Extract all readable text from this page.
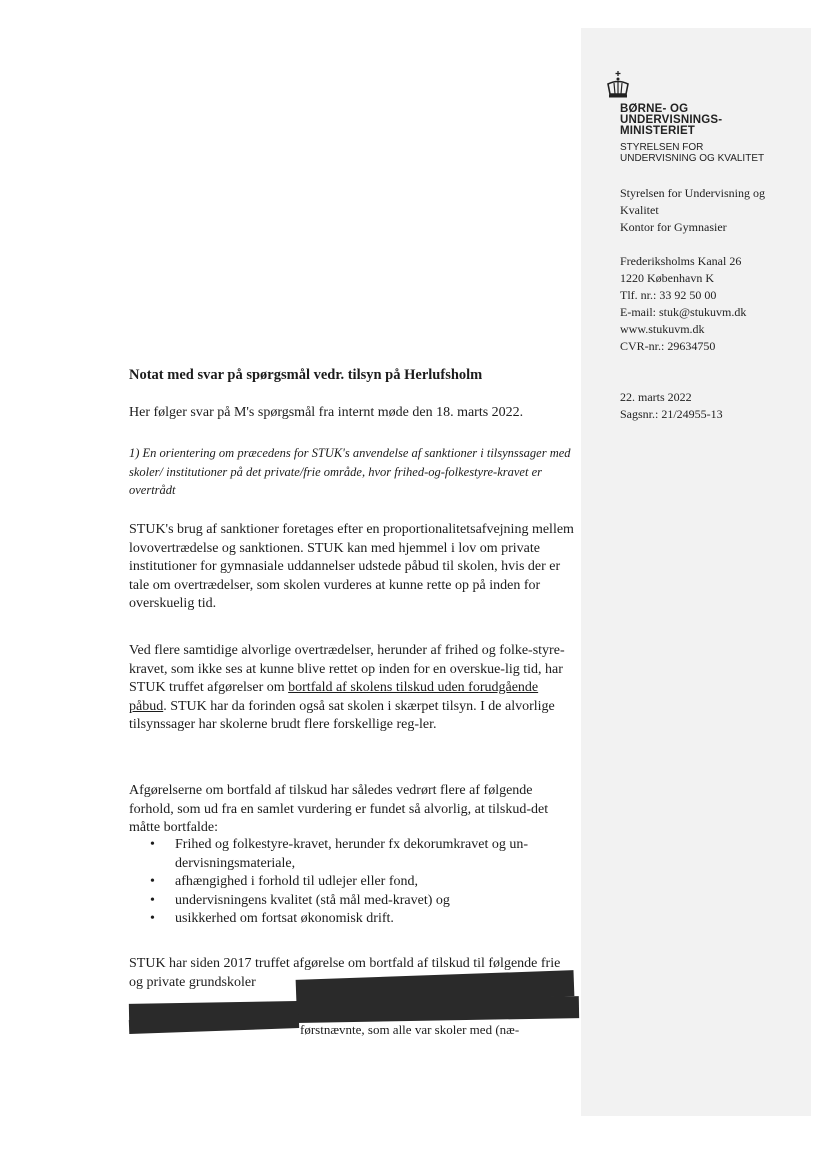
BØRNE- OG
UNDERVISNINGS-
MINISTERIET
STYRELSEN FOR
UNDERVISNING OG KVALITET
Styrelsen for Undervisning og
Kvalitet
Kontor for Gymnasier
Frederiksholms Kanal 26
1220 København K
Tlf. nr.: 33 92 50 00
E-mail: stuk@stukuvm.dk
www.stukuvm.dk
CVR-nr.: 29634750
22. marts 2022
Sagsnr.: 21/24955-13
Notat med svar på spørgsmål vedr. tilsyn på Herlufsholm
Her følger svar på M's spørgsmål fra internt møde den 18. marts 2022.
1) En orientering om præcedens for STUK's anvendelse af sanktioner i tilsynssager med skoler/ institutioner på det private/frie område, hvor frihed-og-folkestyre-kravet er overtrådt
STUK's brug af sanktioner foretages efter en proportionalitetsafvejning mellem lovovertrædelse og sanktionen. STUK kan med hjemmel i lov om private institutioner for gymnasiale uddannelser udstede påbud til skolen, hvis der er tale om overtrædelser, som skolen vurderes at kunne rette op på inden for overskuelig tid.
Ved flere samtidige alvorlige overtrædelser, herunder af frihed og folke-styre-kravet, som ikke ses at kunne blive rettet op inden for en overskue-lig tid, har STUK truffet afgørelser om bortfald af skolens tilskud uden forudgående påbud. STUK har da forinden også sat skolen i skærpet tilsyn. I de alvorlige tilsynssager har skolerne brudt flere forskellige reg-ler.
Afgørelserne om bortfald af tilskud har således vedrørt flere af følgende forhold, som ud fra en samlet vurdering er fundet så alvorlig, at tilskud-det måtte bortfalde:
• Frihed og folkestyre-kravet, herunder fx dekorumkravet og un-dervisningsmateriale,
• afhængighed i forhold til udlejer eller fond,
• undervisningens kvalitet (stå mål med-kravet) og
• usikkerhed om fortsat økonomisk drift.
STUK har siden 2017 truffet afgørelse om bortfald af tilskud til følgende frie og private grundskoler
førstnævnte, som alle var skoler med (næ-
